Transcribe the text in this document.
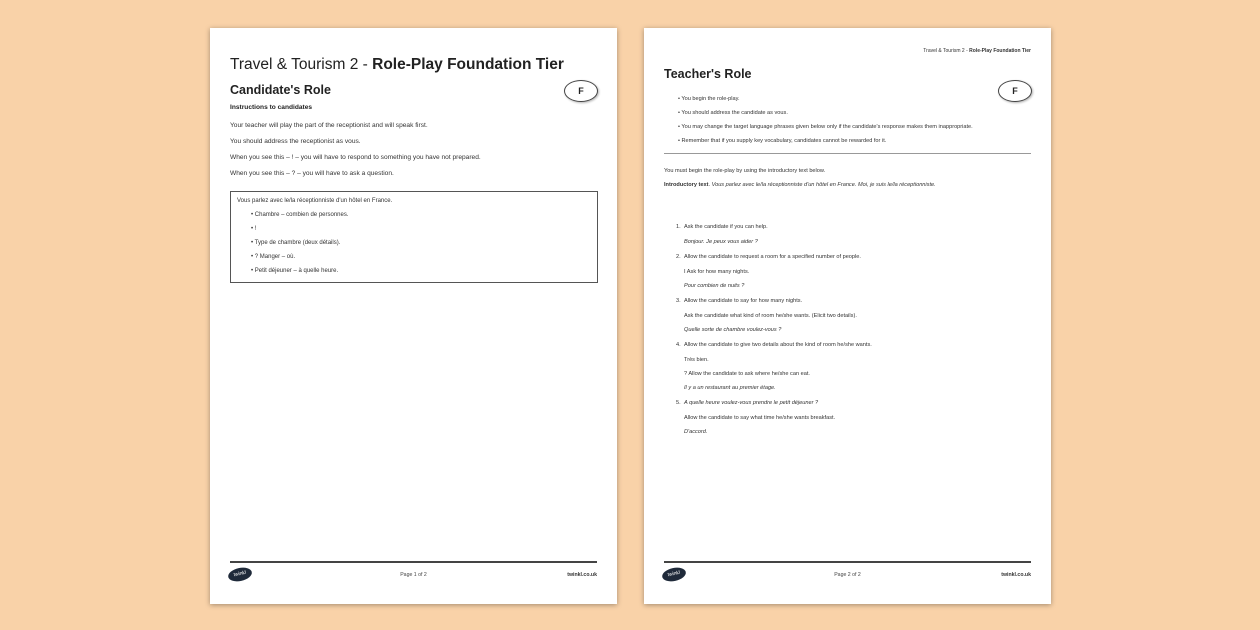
Travel & Tourism 2 - Role-Play Foundation Tier
Candidate's Role	F
Instructions to candidates
Your teacher will play the part of the receptionist and will speak first.
You should address the receptionist as vous.
When you see this – ! – you will have to respond to something you have not prepared.
When you see this – ? – you will have to ask a question.
Vous parlez avec le/la réceptionniste d'un hôtel en France.
• Chambre – combien de personnes.
• !
• Type de chambre (deux détails).
• ? Manger – où.
• Petit déjeuner – à quelle heure.
twinkl	Page 1 of 2	twinkl.co.uk
Travel & Tourism 2 - Role-Play Foundation Tier
Teacher's Role
F
• You begin the role-play.
• You should address the candidate as vous.
• You may change the target language phrases given below only if the candidate's response makes them inappropriate.
• Remember that if you supply key vocabulary, candidates cannot be rewarded for it.
You must begin the role-play by using the introductory text below.
Introductory text. Vous parlez avec le/la réceptionniste d'un hôtel en France. Moi, je suis le/la réceptionniste.
1. Ask the candidate if you can help.
Bonjour. Je peux vous aider ?
2. Allow the candidate to request a room for a specified number of people.
I Ask for how many nights.
Pour combien de nuits ?
3. Allow the candidate to say for how many nights.
Ask the candidate what kind of room he/she wants. (Elicit two details).
Quelle sorte de chambre voulez-vous ?
4. Allow the candidate to give two details about the kind of room he/she wants.
Très bien.
? Allow the candidate to ask where he/she can eat.
Il y a un restaurant au premier étage.
5. A quelle heure voulez-vous prendre le petit déjeuner ?
Allow the candidate to say what time he/she wants breakfast.
D'accord.
twinkl	Page 2 of 2	twinkl.co.uk
